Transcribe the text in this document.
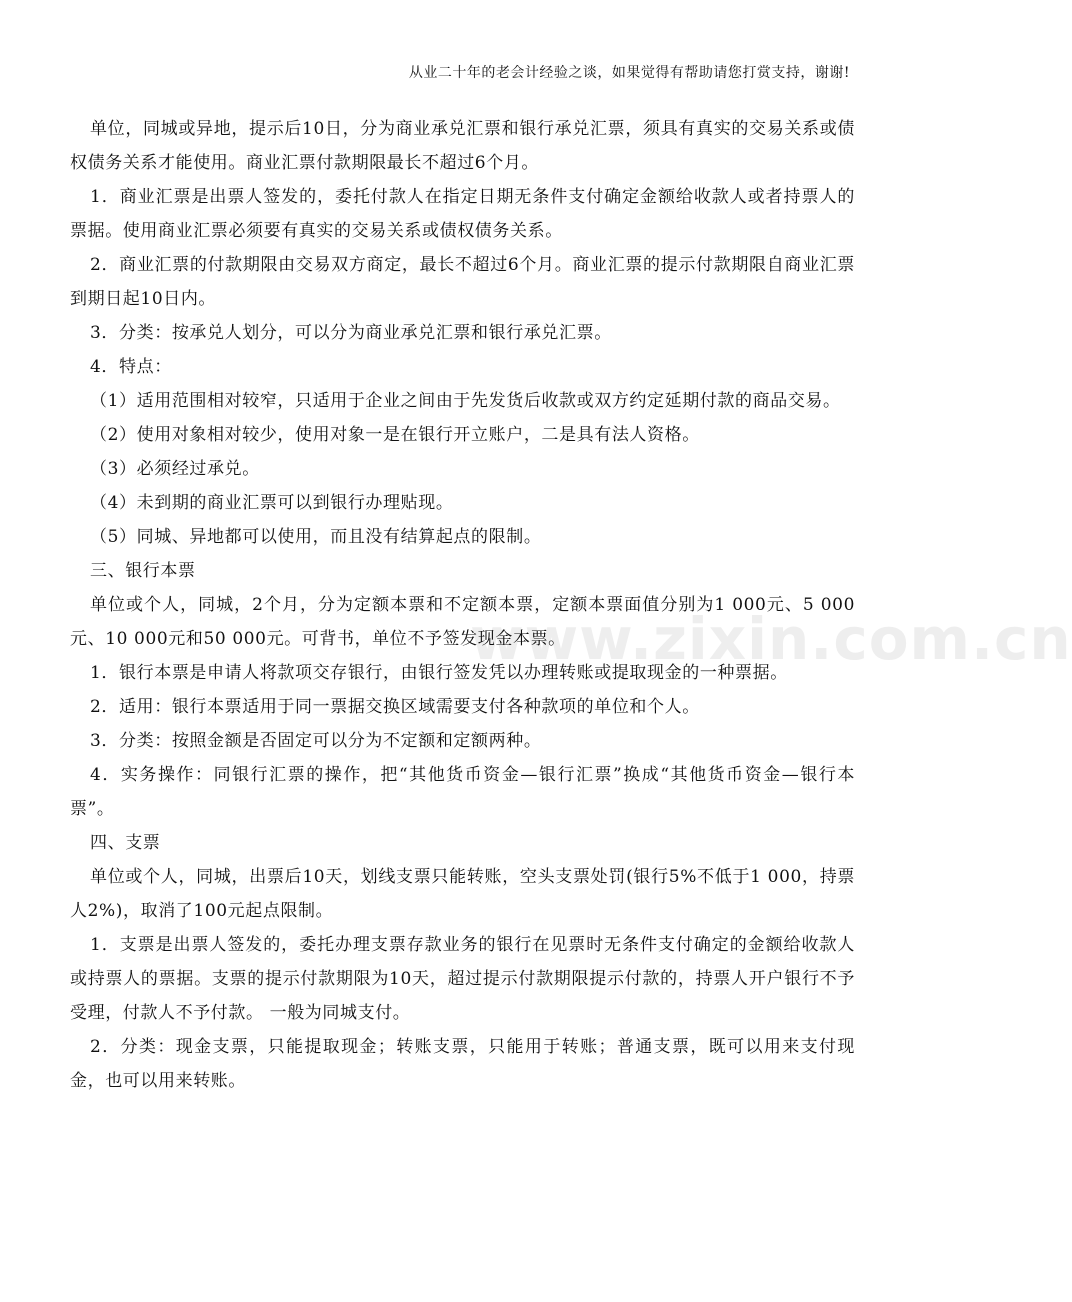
从业二十年的老会计经验之谈，如果觉得有帮助请您打赏支持，谢谢!
www.zixin.com.cn

单位，同城或异地，提示后10日，分为商业承兑汇票和银行承兑汇票，须具有真实的交易关系或债权债务关系才能使用。商业汇票付款期限最长不超过6个月。

1．商业汇票是出票人签发的，委托付款人在指定日期无条件支付确定金额给收款人或者持票人的票据。使用商业汇票必须要有真实的交易关系或债权债务关系。

2．商业汇票的付款期限由交易双方商定，最长不超过6个月。商业汇票的提示付款期限自商业汇票到期日起10日内。

3．分类：按承兑人划分，可以分为商业承兑汇票和银行承兑汇票。

4．特点：

（1）适用范围相对较窄，只适用于企业之间由于先发货后收款或双方约定延期付款的商品交易。

（2）使用对象相对较少，使用对象一是在银行开立账户，二是具有法人资格。

（3）必须经过承兑。

（4）未到期的商业汇票可以到银行办理贴现。

（5）同城、异地都可以使用，而且没有结算起点的限制。

三、银行本票

单位或个人，同城，2个月，分为定额本票和不定额本票，定额本票面值分别为1 000元、5 000元、10 000元和50 000元。可背书，单位不予签发现金本票。

1．银行本票是申请人将款项交存银行，由银行签发凭以办理转账或提取现金的一种票据。

2．适用：银行本票适用于同一票据交换区域需要支付各种款项的单位和个人。

3．分类：按照金额是否固定可以分为不定额和定额两种。

4．实务操作：同银行汇票的操作，把“其他货币资金—银行汇票”换成“其他货币资金—银行本票”。

四、支票

单位或个人，同城，出票后10天，划线支票只能转账，空头支票处罚(银行5%不低于1 000，持票人2%)，取消了100元起点限制。

1．支票是出票人签发的，委托办理支票存款业务的银行在见票时无条件支付确定的金额给收款人或持票人的票据。支票的提示付款期限为10天，超过提示付款期限提示付款的，持票人开户银行不予受理，付款人不予付款。 一般为同城支付。

2．分类：现金支票，只能提取现金；转账支票，只能用于转账；普通支票，既可以用来支付现金，也可以用来转账。
